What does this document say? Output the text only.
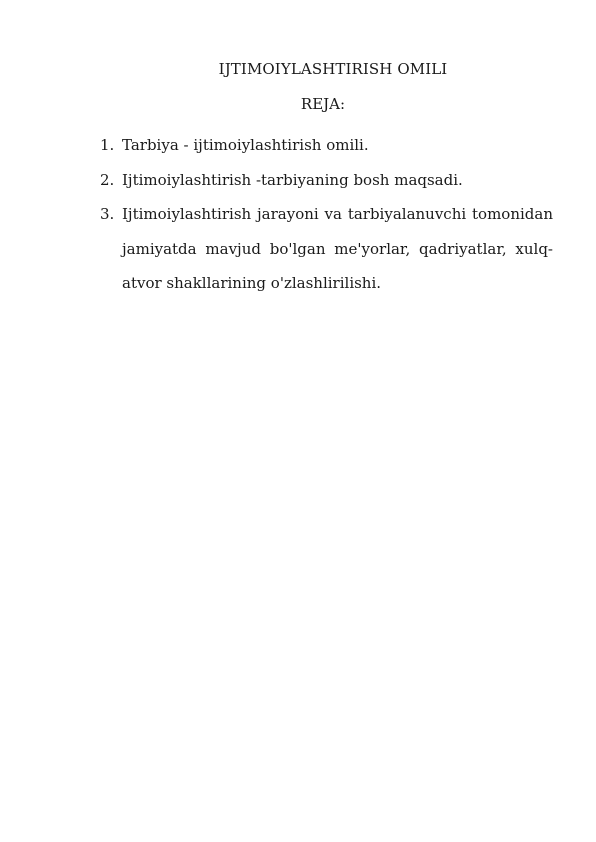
IJTIMOIYLASHTIRISH OMILI
REJA:
1. Tarbiya - ijtimoiylashtirish omili.
2. Ijtimoiylashtirish -tarbiyaning bosh maqsadi.
3. Ijtimoiylashtirish jarayoni va tarbiyalanuvchi tomonidan jamiyatda mavjud bo'lgan me'yorlar, qadriyatlar, xulq-atvor shakllarining o'zlashlirilishi.
